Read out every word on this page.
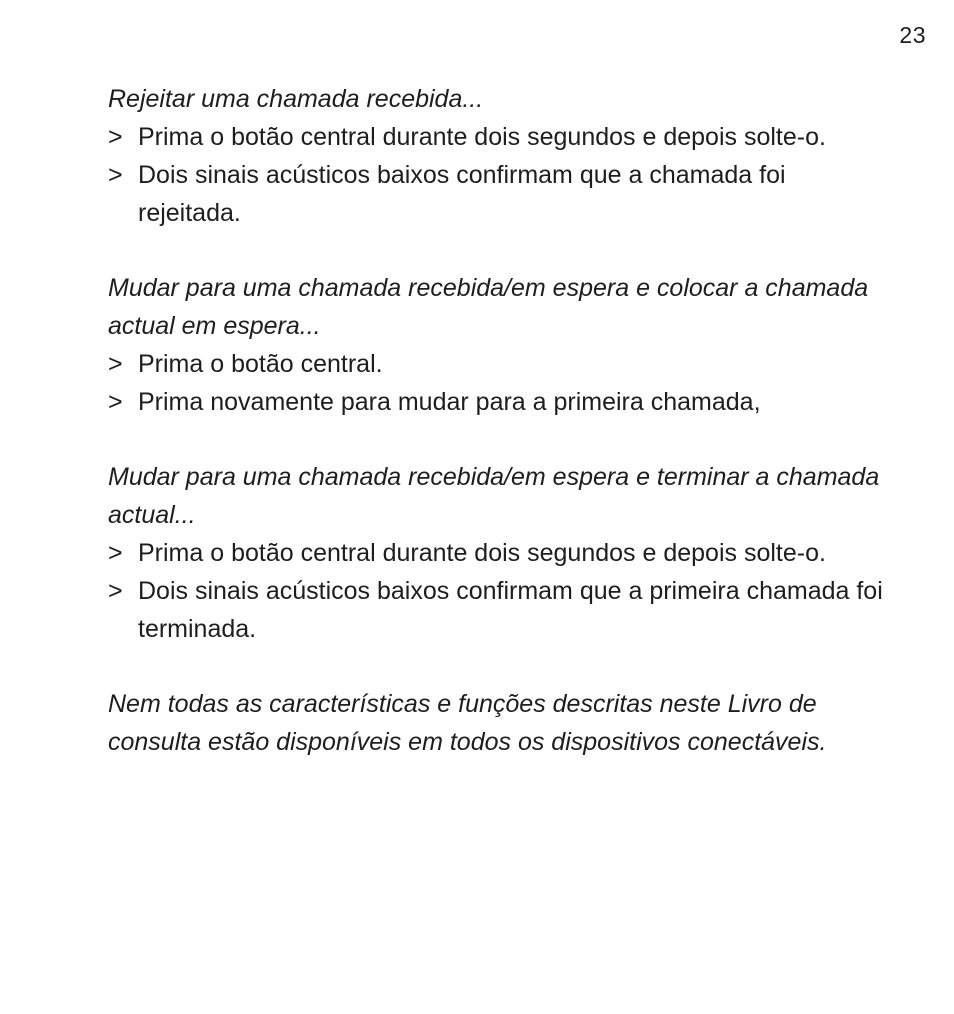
23

Rejeitar uma chamada recebida...

> Prima o botão central durante dois segundos e depois solte-o.
> Dois sinais acústicos baixos confirmam que a chamada foi rejeitada.

Mudar para uma chamada recebida/em espera e colocar a chamada actual em espera...

> Prima o botão central.
> Prima novamente para mudar para a primeira chamada,

Mudar para uma chamada recebida/em espera e terminar a chamada actual...

> Prima o botão central durante dois segundos e depois solte-o.
> Dois sinais acústicos baixos confirmam que a primeira chamada foi terminada.

Nem todas as características e funções descritas neste Livro de consulta estão disponíveis em todos os dispositivos conectáveis.
